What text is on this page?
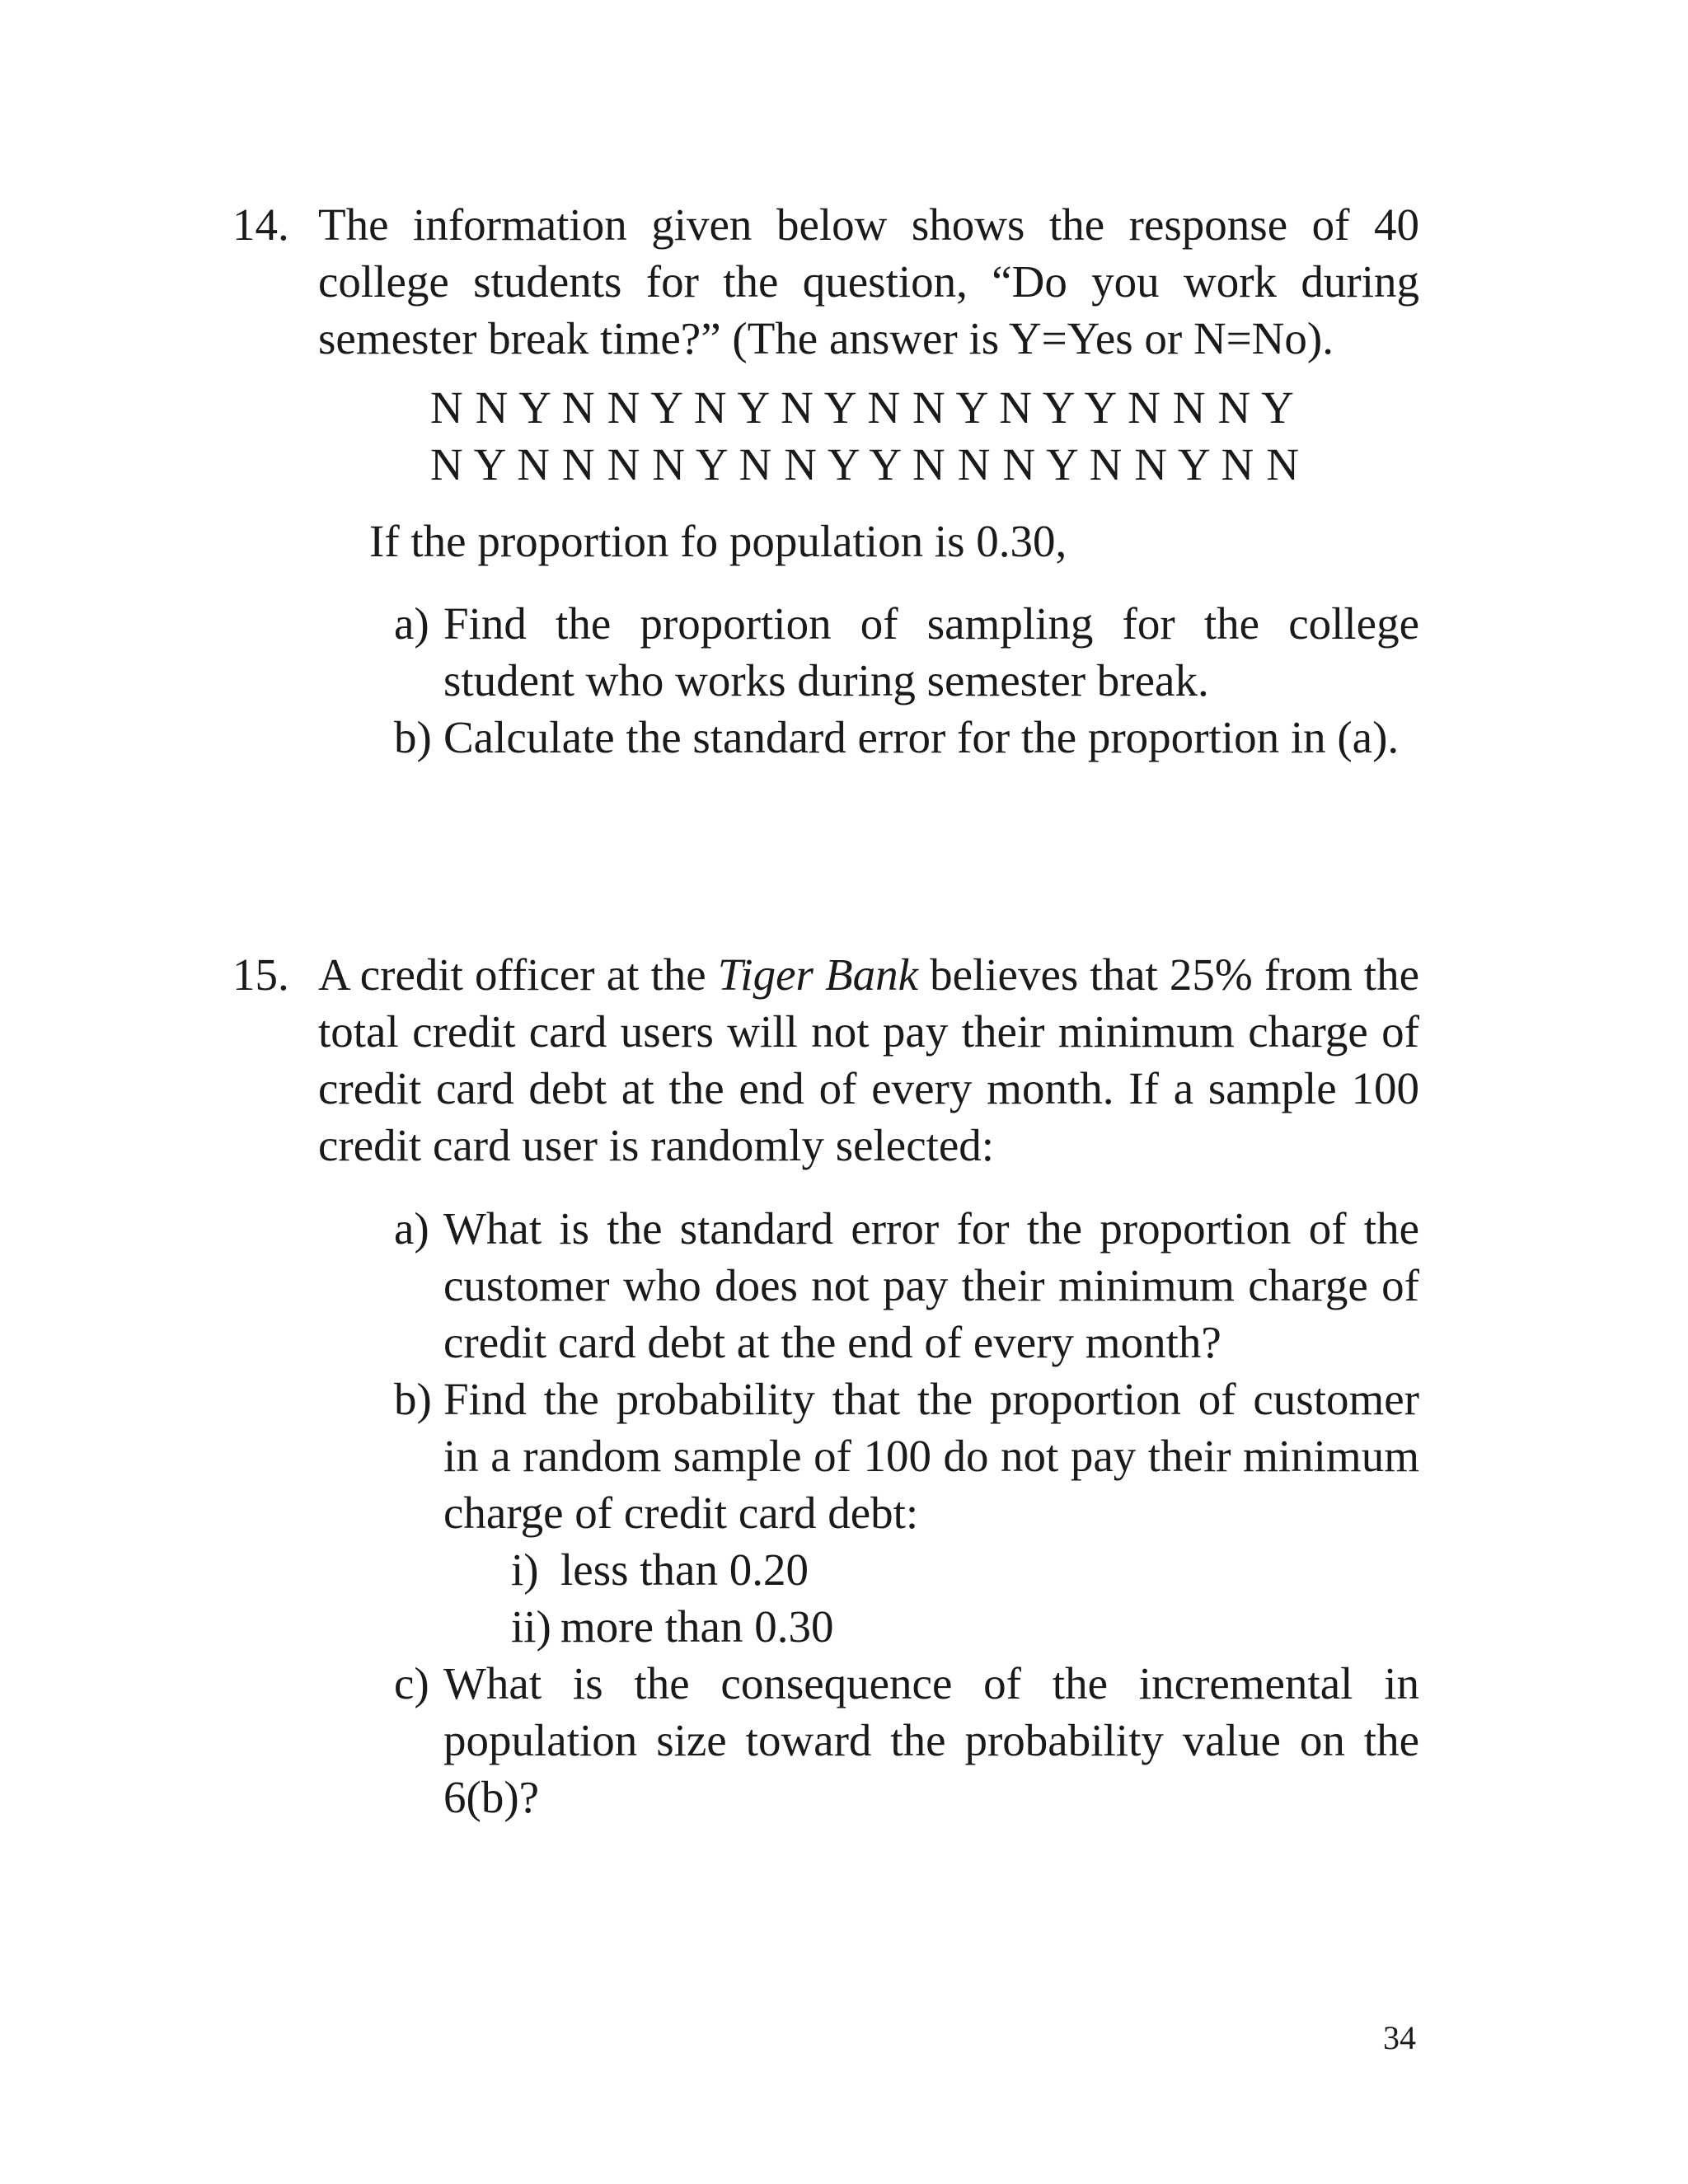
14. The information given below shows the response of 40 college students for the question, “Do you work during semester break time?” (The answer is Y=Yes or N=No).
N N Y N N Y N Y N Y N N Y N Y Y N N N Y
N Y N N N N Y N N Y Y N N N Y N N Y N N
If the proportion fo population is 0.30,
a) Find the proportion of sampling for the college student who works during semester break.
b) Calculate the standard error for the proportion in (a).
15. A credit officer at the Tiger Bank believes that 25% from the total credit card users will not pay their minimum charge of credit card debt at the end of every month. If a sample 100 credit card user is randomly selected:
a) What is the standard error for the proportion of the customer who does not pay their minimum charge of credit card debt at the end of every month?
b) Find the probability that the proportion of customer in a random sample of 100 do not pay their minimum charge of credit card debt:
i) less than 0.20
ii) more than 0.30
c) What is the consequence of the incremental in population size toward the probability value on the 6(b)?
34
